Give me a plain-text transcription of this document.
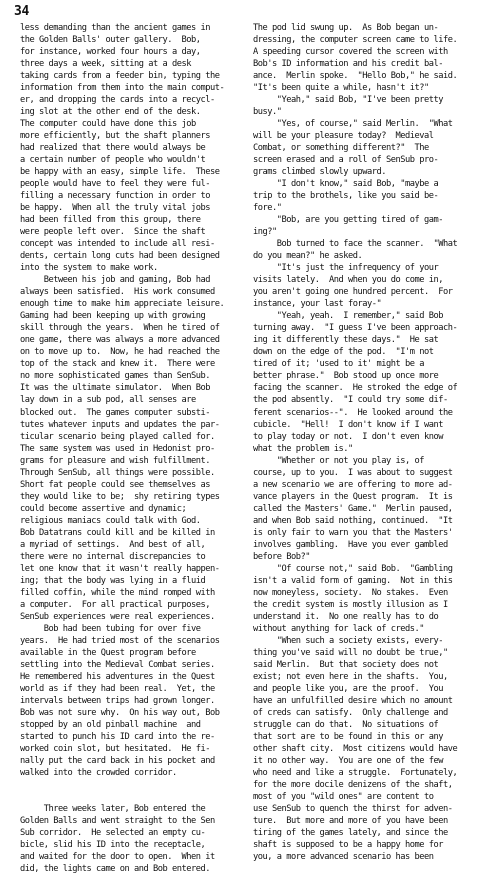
34
less demanding than the ancient games in
the Golden Balls' outer gallery.  Bob,
for instance, worked four hours a day,
three days a week, sitting at a desk
taking cards from a feeder bin, typing the
information from them into the main comput-
er, and dropping the cards into a recycl-
ing slot at the other end of the desk.
The computer could have done this job
more efficiently, but the shaft planners
had realized that there would always be
a certain number of people who wouldn't
be happy with an easy, simple life.  These
people would have to feel they were ful-
filling a necessary function in order to
be happy.  When all the truly vital jobs
had been filled from this group, there
were people left over.  Since the shaft
concept was intended to include all resi-
dents, certain long cuts had been designed
into the system to make work.
Between his job and gaming, Bob had
always been satisfied.  His work consumed
enough time to make him appreciate leisure.
Gaming had been keeping up with growing
skill through the years.  When he tired of
one game, there was always a more advanced
on to move up to.  Now, he had reached the
top of the stack and knew it.  There were
no more sophisticated games than SenSub.
It was the ultimate simulator.  When Bob
lay down in a sub pod, all senses are
blocked out.  The games computer substi-
tutes whatever inputs and updates the par-
ticular scenario being played called for.
The same system was used in Hedonist pro-
grams for pleasure and wish fulfillment.
Through SenSub, all things were possible.
Short fat people could see themselves as
they would like to be;  shy retiring types
could become assertive and dynamic;
religious maniacs could talk with God.
Bob Datatrans could kill and be killed in
a myriad of settings.  And best of all,
there were no internal discrepancies to
let one know that it wasn't really happen-
ing; that the body was lying in a fluid
filled coffin, while the mind romped with
a computer.  For all practical purposes,
SenSub experiences were real experiences.
Bob had been tubing for over five
years.  He had tried most of the scenarios
available in the Quest program before
settling into the Medieval Combat series.
He remembered his adventures in the Quest
world as if they had been real.  Yet, the
intervals between trips had grown longer.
Bob was not sure why.  On his way out, Bob
stopped by an old pinball machine  and
started to punch his ID card into the re-
worked coin slot, but hesitated.  He fi-
nally put the card back in his pocket and
walked into the crowded corridor.

Three weeks later, Bob entered the
Golden Balls and went straight to the Sen
Sub corridor.  He selected an empty cu-
bicle, slid his ID into the receptacle,
and waited for the door to open.  When it
did, the lights came on and Bob entered.
The pod lid swung up.  As Bob began un-
dressing, the computer screen came to life.
A speeding cursor covered the screen with
Bob's ID information and his credit bal-
ance.  Merlin spoke.  "Hello Bob," he said.
"It's been quite a while, hasn't it?"
"Yeah," said Bob, "I've been pretty
busy."
"Yes, of course," said Merlin.  "What
will be your pleasure today?  Medieval
Combat, or something different?"  The
screen erased and a roll of SenSub pro-
grams climbed slowly upward.
"I don't know," said Bob, "maybe a
trip to the brothels, like you said be-
fore."
"Bob, are you getting tired of gam-
ing?"
Bob turned to face the scanner.  "What
do you mean?" he asked.
"It's just the infrequency of your
visits lately.  And when you do come in,
you aren't going one hundred percent.  For
instance, your last foray-"
"Yeah, yeah.  I remember," said Bob
turning away.  "I guess I've been approach-
ing it differently these days."  He sat
down on the edge of the pod.  "I'm not
tired of it; 'used to it' might be a
better phrase."  Bob stood up once more
facing the scanner.  He stroked the edge of
the pod absently.  "I could try some dif-
ferent scenarios--".  He looked around the
cubicle.  "Hell!  I don't know if I want
to play today or not.  I don't even know
what the problem is."
"Whether or not you play is, of
course, up to you.  I was about to suggest
a new scenario we are offering to more ad-
vance players in the Quest program.  It is
called the Masters' Game."  Merlin paused,
and when Bob said nothing, continued.  "It
is only fair to warn you that the Masters'
involves gambling.  Have you ever gambled
before Bob?"
"Of course not," said Bob.  "Gambling
isn't a valid form of gaming.  Not in this
now moneyless, society.  No stakes.  Even
the credit system is mostly illusion as I
understand it.  No one really has to do
without anything for lack of creds."
"When such a society exists, every-
thing you've said will no doubt be true,"
said Merlin.  But that society does not
exist; not even here in the shafts.  You,
and people like you, are the proof.  You
have an unfulfilled desire which no amount
of creds can satisfy.  Only challenge and
struggle can do that.  No situations of
that sort are to be found in this or any
other shaft city.  Most citizens would have
it no other way.  You are one of the few
who need and like a struggle.  Fortunately,
for the more docile denizens of the shaft,
most of you "wild ones" are content to
use SenSub to quench the thirst for adven-
ture.  But more and more of you have been
tiring of the games lately, and since the
shaft is supposed to be a happy home for
you, a more advanced scenario has been
